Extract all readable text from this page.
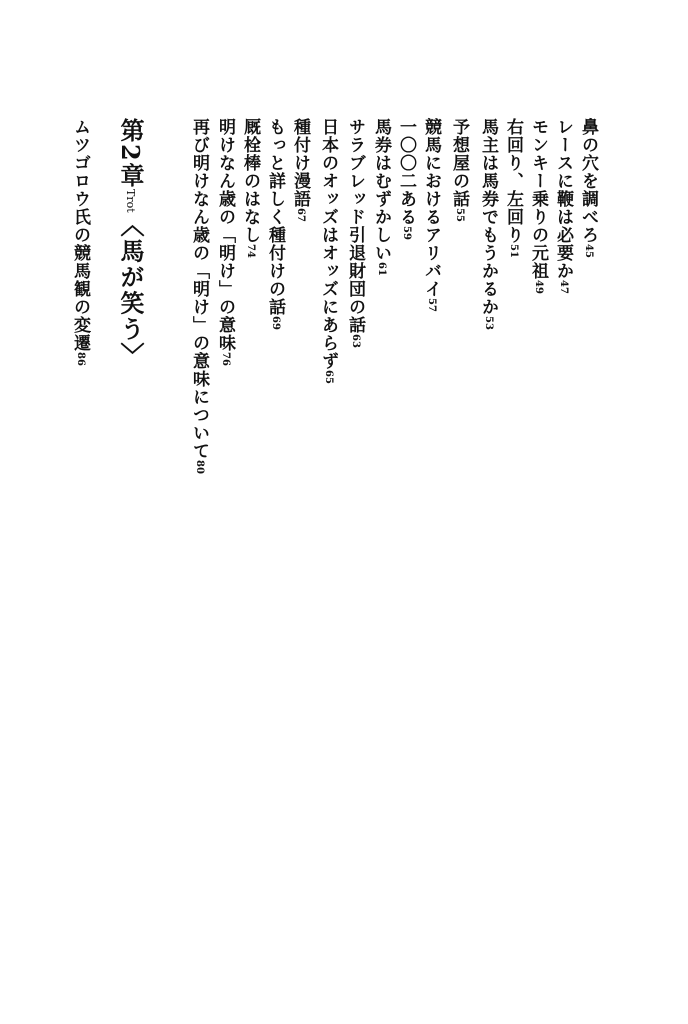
鼻の穴を調べろ45
レースに鞭は必要か47
モンキー乗りの元祖49
右回り、左回り51
馬主は馬券でもうかるか53
予想屋の話55
競馬におけるアリバイ57
一〇〇二ある59
馬券はむずかしい61
サラブレッド引退財団の話63
日本のオッズはオッズにあらず65
種付け漫語67
もっと詳しく種付けの話69
厩栓棒のはなし74
明けなん歳の「明け」の意味76
再び明けなん歳の「明け」の意味について80
第2章Trot〈馬が笑う〉
ムツゴロウ氏の競馬観の変遷86
